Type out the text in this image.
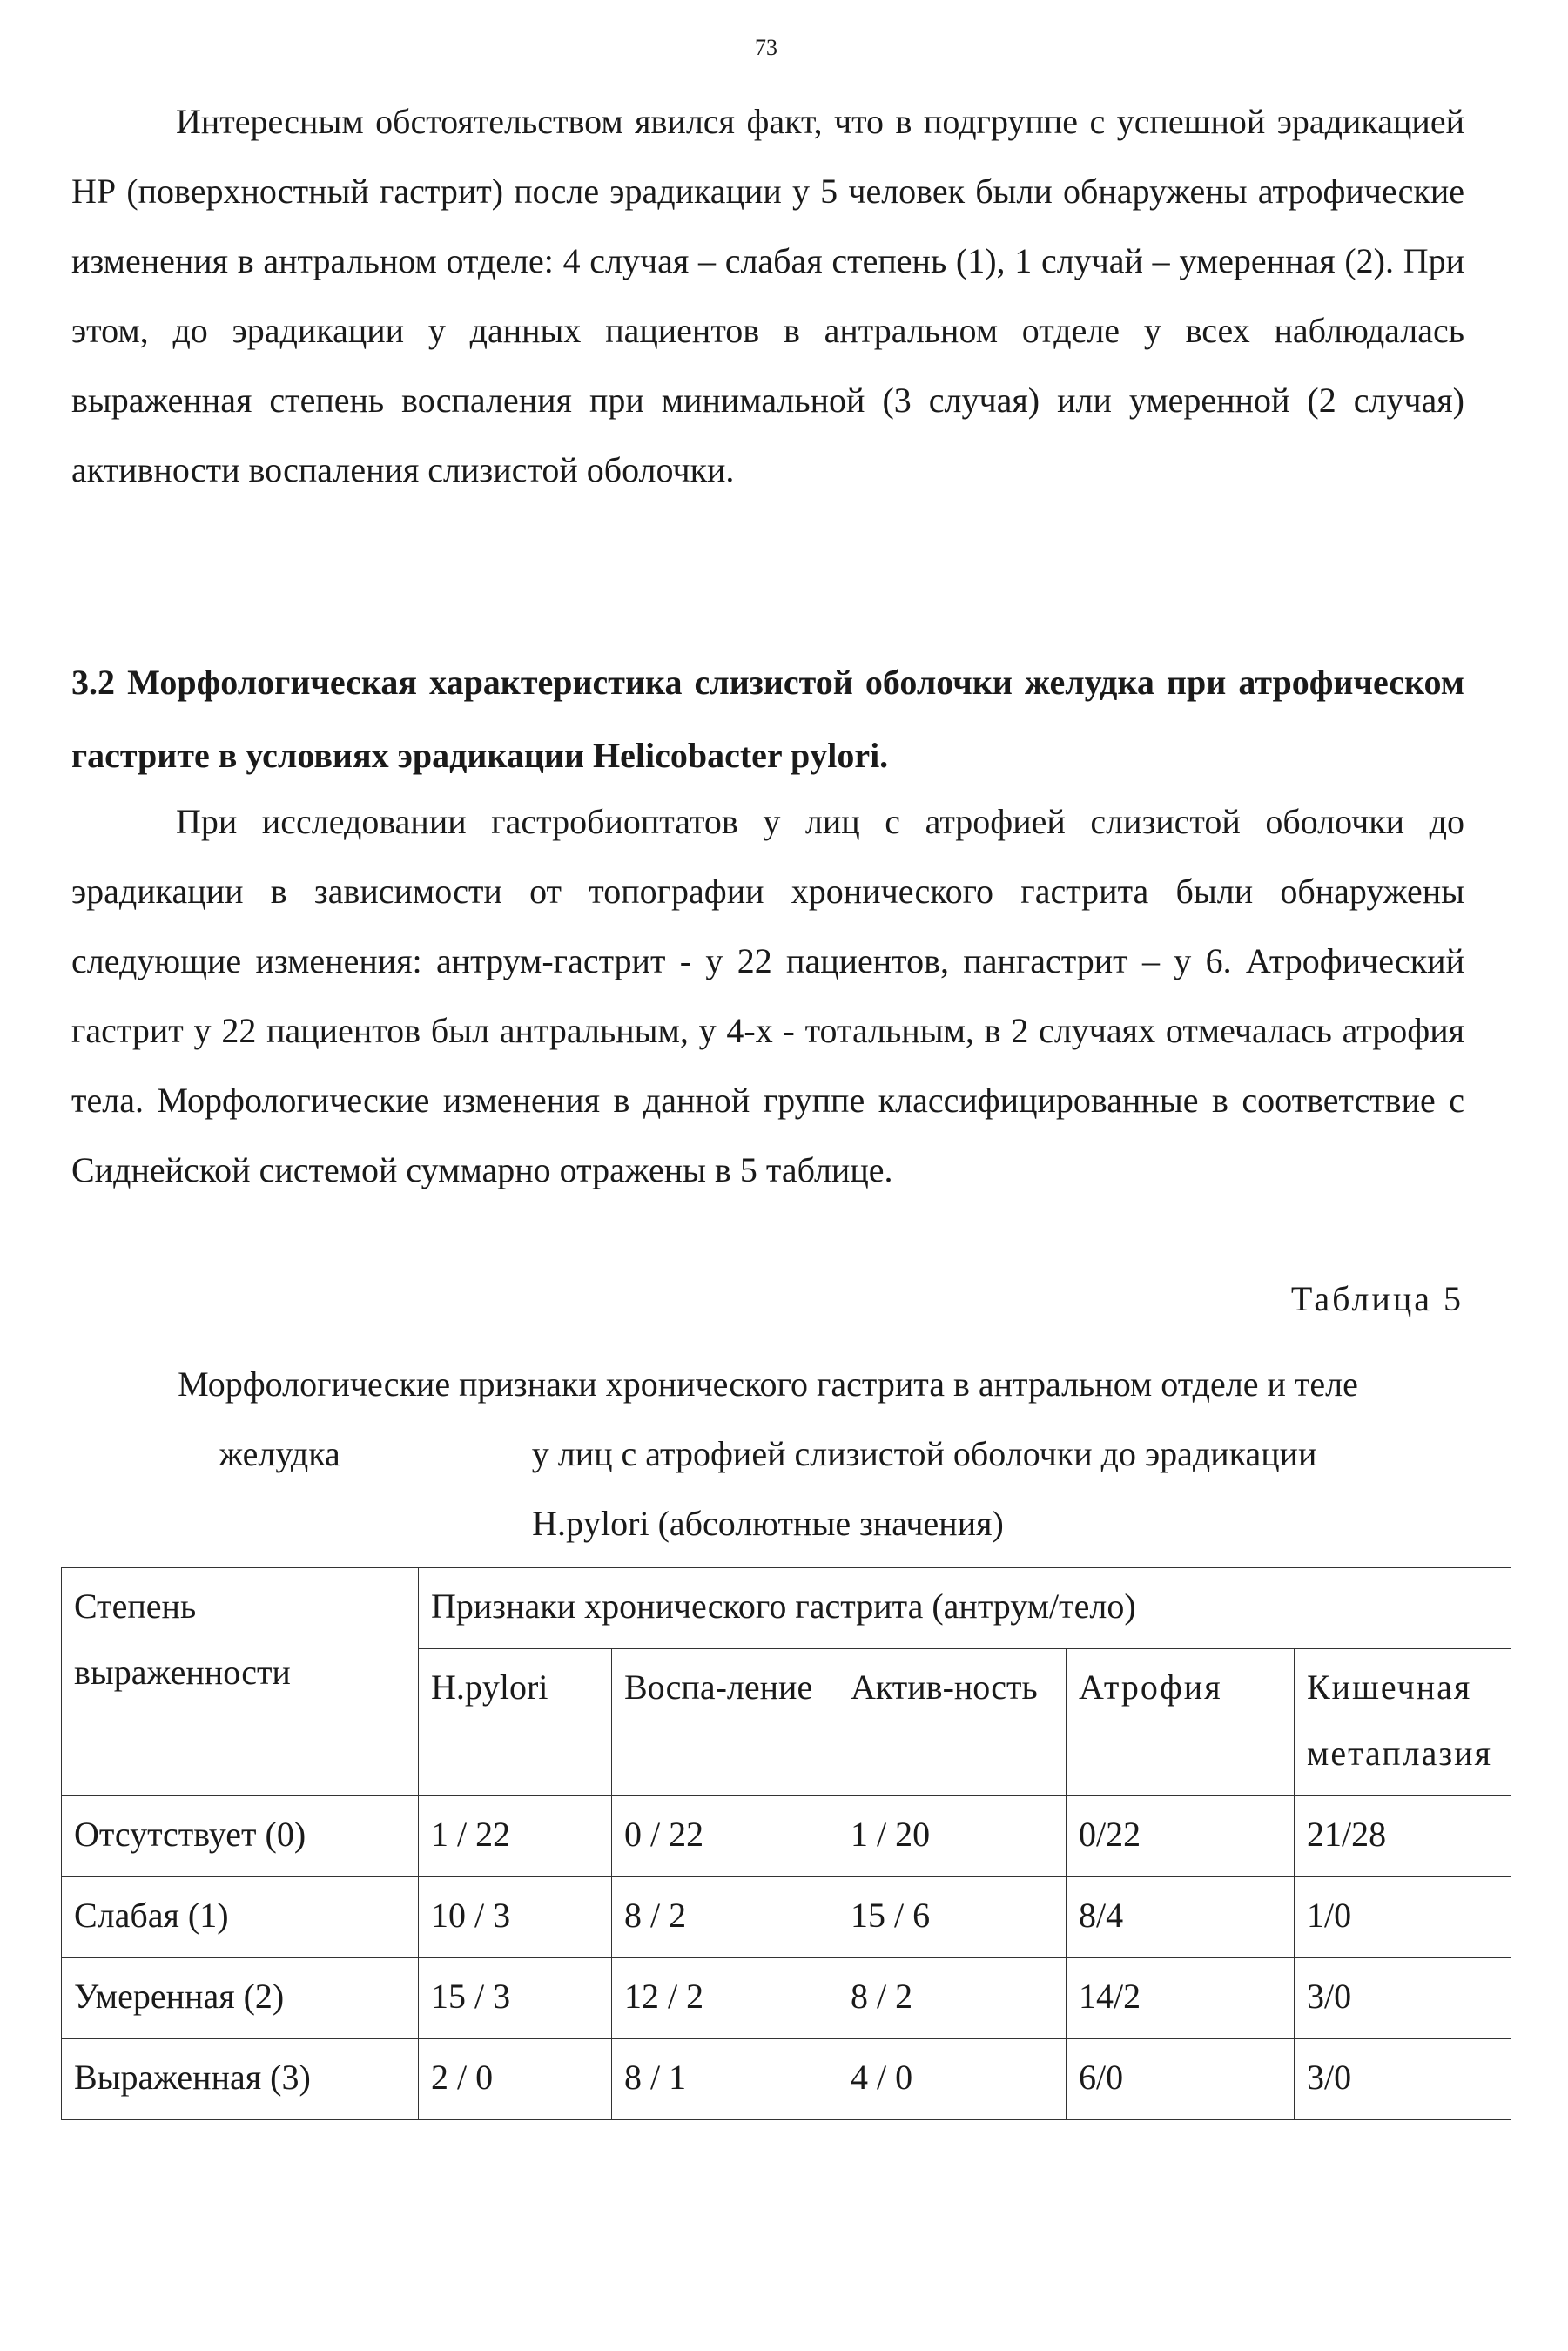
73

Интересным обстоятельством явился факт, что в подгруппе с успешной эрадикацией НР (поверхностный гастрит) после эрадикации у 5 человек были обнаружены атрофические изменения в антральном отделе: 4 случая – слабая степень (1), 1 случай – умеренная (2). При этом, до эрадикации у данных пациентов в антральном отделе у всех наблюдалась выраженная степень воспаления при минимальной (3 случая) или умеренной (2 случая) активности воспаления слизистой оболочки.

3.2 Морфологическая характеристика слизистой оболочки желудка при атрофическом гастрите в условиях эрадикации Helicobacter pylori.

При исследовании гастробиоптатов у лиц с атрофией слизистой оболочки до эрадикации в зависимости от топографии хронического гастрита были обнаружены следующие изменения: антрум-гастрит - у 22 пациентов, пангастрит – у 6. Атрофический гастрит у 22 пациентов был антральным, у 4-х - тотальным, в 2 случаях отмечалась атрофия тела. Морфологические изменения в данной группе классифицированные в соответствие с Сиднейской системой суммарно отражены в 5 таблице.

Таблица 5

Морфологические признаки хронического гастрита в антральном отделе и теле
желудка	у лиц с атрофией слизистой оболочки до эрадикации
H.pylori (абсолютные значения)

Степень выраженности	Признаки хронического гастрита (антрум/тело)				
	H.pylori	Воспа-ление	Актив-ность	Атрофия	Кишечная метаплазия
Отсутствует (0)	1 / 22	0 / 22	1 / 20	0/22	21/28
Слабая (1)	10 / 3	8 / 2	15 / 6	8/4	1/0
Умеренная (2)	15 / 3	12 / 2	8 / 2	14/2	3/0
Выраженная (3)	2 / 0	8 / 1	4 / 0	6/0	3/0
